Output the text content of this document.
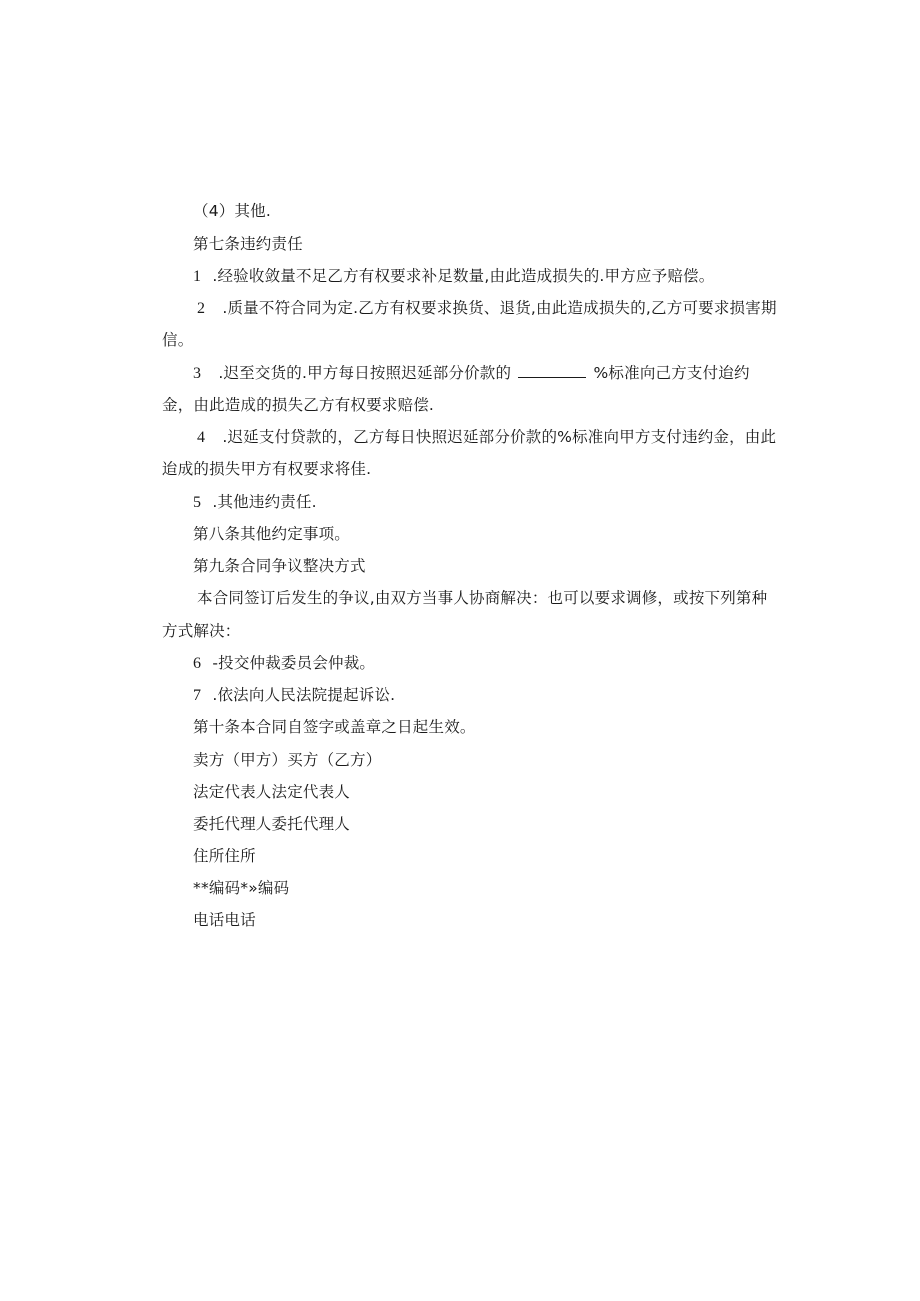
（4）其他.
第七条违约责任
1 .经验收敛量不足乙方有权要求补足数量,由此造成损失的.甲方应予赔偿。
2 .质量不符合同为定.乙方有权要求换货、退货,由此造成损失的,乙方可要求损害期
信。
3 .迟至交货的.甲方每日按照迟延部分价款的	%标准向己方支付迨约
金，由此造成的损失乙方有权要求赔偿.
4 .迟延支付贷款的，乙方每日快照迟延部分价款的%标准向甲方支付违约金，由此
迨成的损失甲方有权要求将佳.
5 .其他违约责任.
第八条其他约定事项。
第九条合同争议整决方式
本合同签订后发生的争议,由双方当事人协商解决：也可以要求调修，或按下列第种
方式解决：
6 -投交仲裁委员会仲裁。
7 .依法向人民法院提起诉讼.
第十条本合同自签字或盖章之日起生效。
卖方（甲方）买方（乙方）
法定代表人法定代表人
委托代理人委托代理人
住所住所
**编码*»编码
电话电话
